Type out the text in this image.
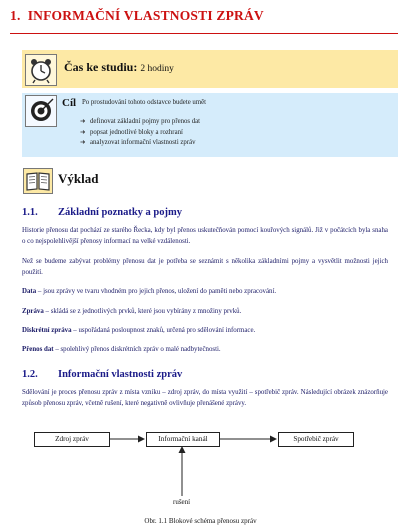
1. INFORMAČNÍ VLASTNOSTI ZPRÁV
Čas ke studiu: 2 hodiny
Cíl Po prostudování tohoto odstavce budete umět
➜ definovat základní pojmy pro přenos dat
➜ popsat jednotlivé bloky a rozhraní
➜ analyzovat informační vlastnosti zpráv
Výklad
1.1. Základní poznatky a pojmy

Historie přenosu dat pochází ze starého Řecka, kdy byl přenos uskutečňován pomocí kouřových signálů. Již v počátcích byla snaha o co nejspolehlivější přenosy informací na velké vzdálenosti.

Než se budeme zabývat problémy přenosu dat je potřeba se seznámit s několika základními pojmy a vysvětlit možnosti jejich použití.

Data – jsou zprávy ve tvaru vhodném pro jejich přenos, uložení do paměti nebo zpracování.

Zpráva – skládá se z jednotlivých prvků, které jsou vybírány z množiny prvků.

Diskrétní zpráva – uspořádaná posloupnost znaků, určená pro sdělování informace.

Přenos dat – spolehlivý přenos diskrétních zpráv o malé nadbytečnosti.

1.2. Informační vlastnosti zpráv

Sdělování je proces přenosu zpráv z místa vzniku – zdroj zpráv, do místa využití – spotřebič zpráv. Následující obrázek znázorňuje způsob přenosu zpráv, včetně rušení, které negativně ovlivňuje přenášené zprávy.

Zdroj zpráv	Informační kanál	Spotřebič zpráv
rušení
Obr. 1.1 Blokové schéma přenosu zpráv
